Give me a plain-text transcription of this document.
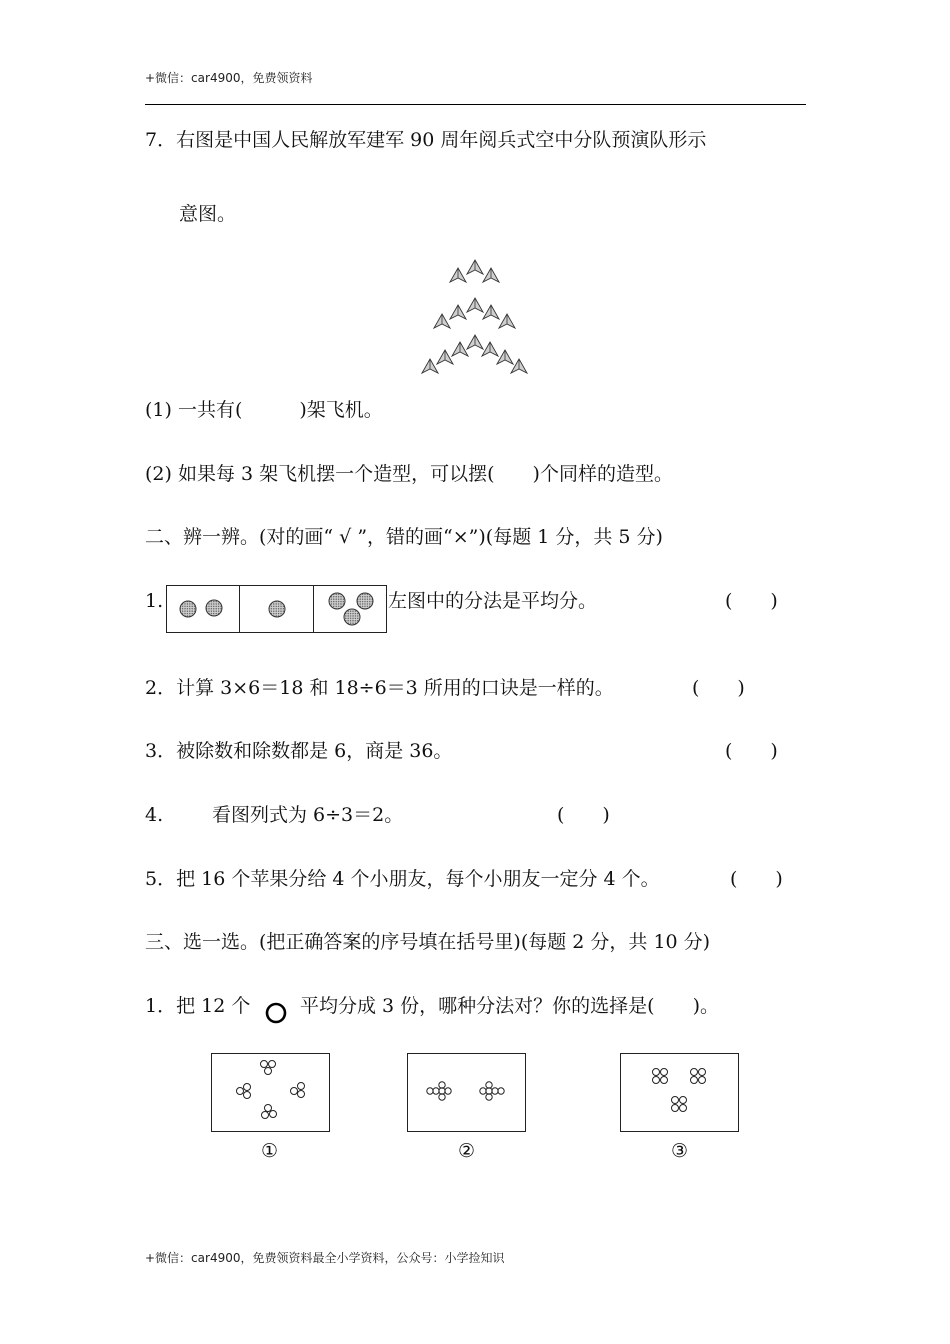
+微信：car4900，免费领资料
7．右图是中国人民解放军建军 90 周年阅兵式空中分队预演队形示
意图。
(1) 一共有(　　　)架飞机。
(2) 如果每 3 架飞机摆一个造型，可以摆(　　)个同样的造型。
二、辨一辨。(对的画“ √ ”，错的画“×”)(每题 1 分，共 5 分)
1.	左图中的分法是平均分。	(　　)
2．计算 3×6＝18 和 18÷6＝3 所用的口诀是一样的。	(　　)
3．被除数和除数都是 6，商是 36。	(　　)
4.	看图列式为 6÷3＝2。	(　　)
5．把 16 个苹果分给 4 个小朋友，每个小朋友一定分 4 个。	(　　)
三、选一选。(把正确答案的序号填在括号里)(每题 2 分，共 10 分)
1．把 12 个	平均分成 3 份，哪种分法对？你的选择是(　　)。
①	②	③
+微信：car4900，免费领资料最全小学资料，公众号：小学捡知识
